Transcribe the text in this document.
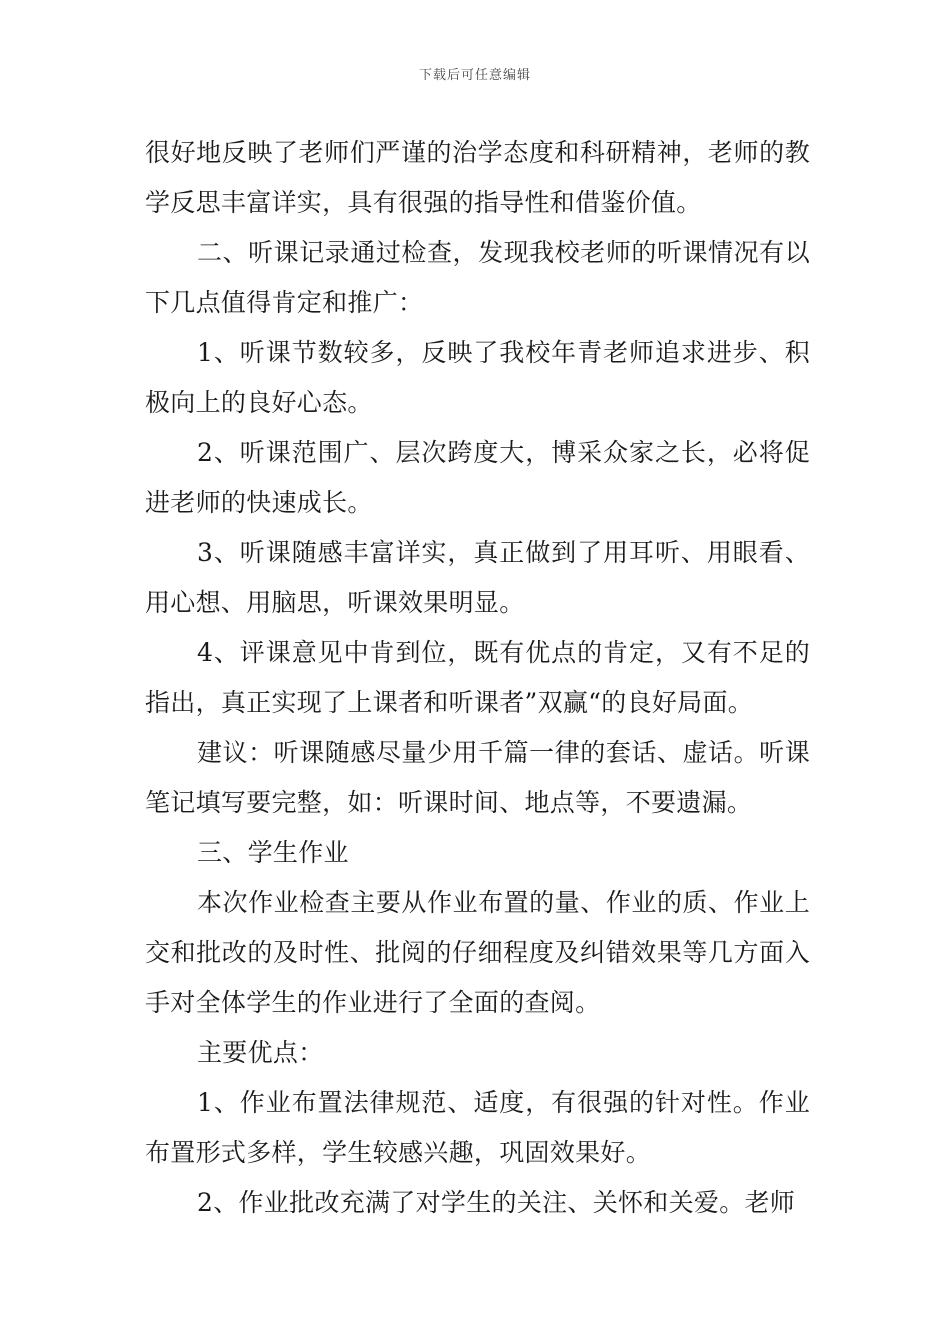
下载后可任意编辑

很好地反映了老师们严谨的治学态度和科研精神，老师的教学反思丰富详实，具有很强的指导性和借鉴价值。

二、听课记录通过检查，发现我校老师的听课情况有以下几点值得肯定和推广：

1、听课节数较多，反映了我校年青老师追求进步、积极向上的良好心态。

2、听课范围广、层次跨度大，博采众家之长，必将促进老师的快速成长。

3、听课随感丰富详实，真正做到了用耳听、用眼看、用心想、用脑思，听课效果明显。

4、评课意见中肯到位，既有优点的肯定，又有不足的指出，真正实现了上课者和听课者”双赢“的良好局面。

建议：听课随感尽量少用千篇一律的套话、虚话。听课笔记填写要完整，如：听课时间、地点等，不要遗漏。

三、学生作业

本次作业检查主要从作业布置的量、作业的质、作业上交和批改的及时性、批阅的仔细程度及纠错效果等几方面入手对全体学生的作业进行了全面的查阅。

主要优点：

1、作业布置法律规范、适度，有很强的针对性。作业布置形式多样，学生较感兴趣，巩固效果好。

2、作业批改充满了对学生的关注、关怀和关爱。老师
